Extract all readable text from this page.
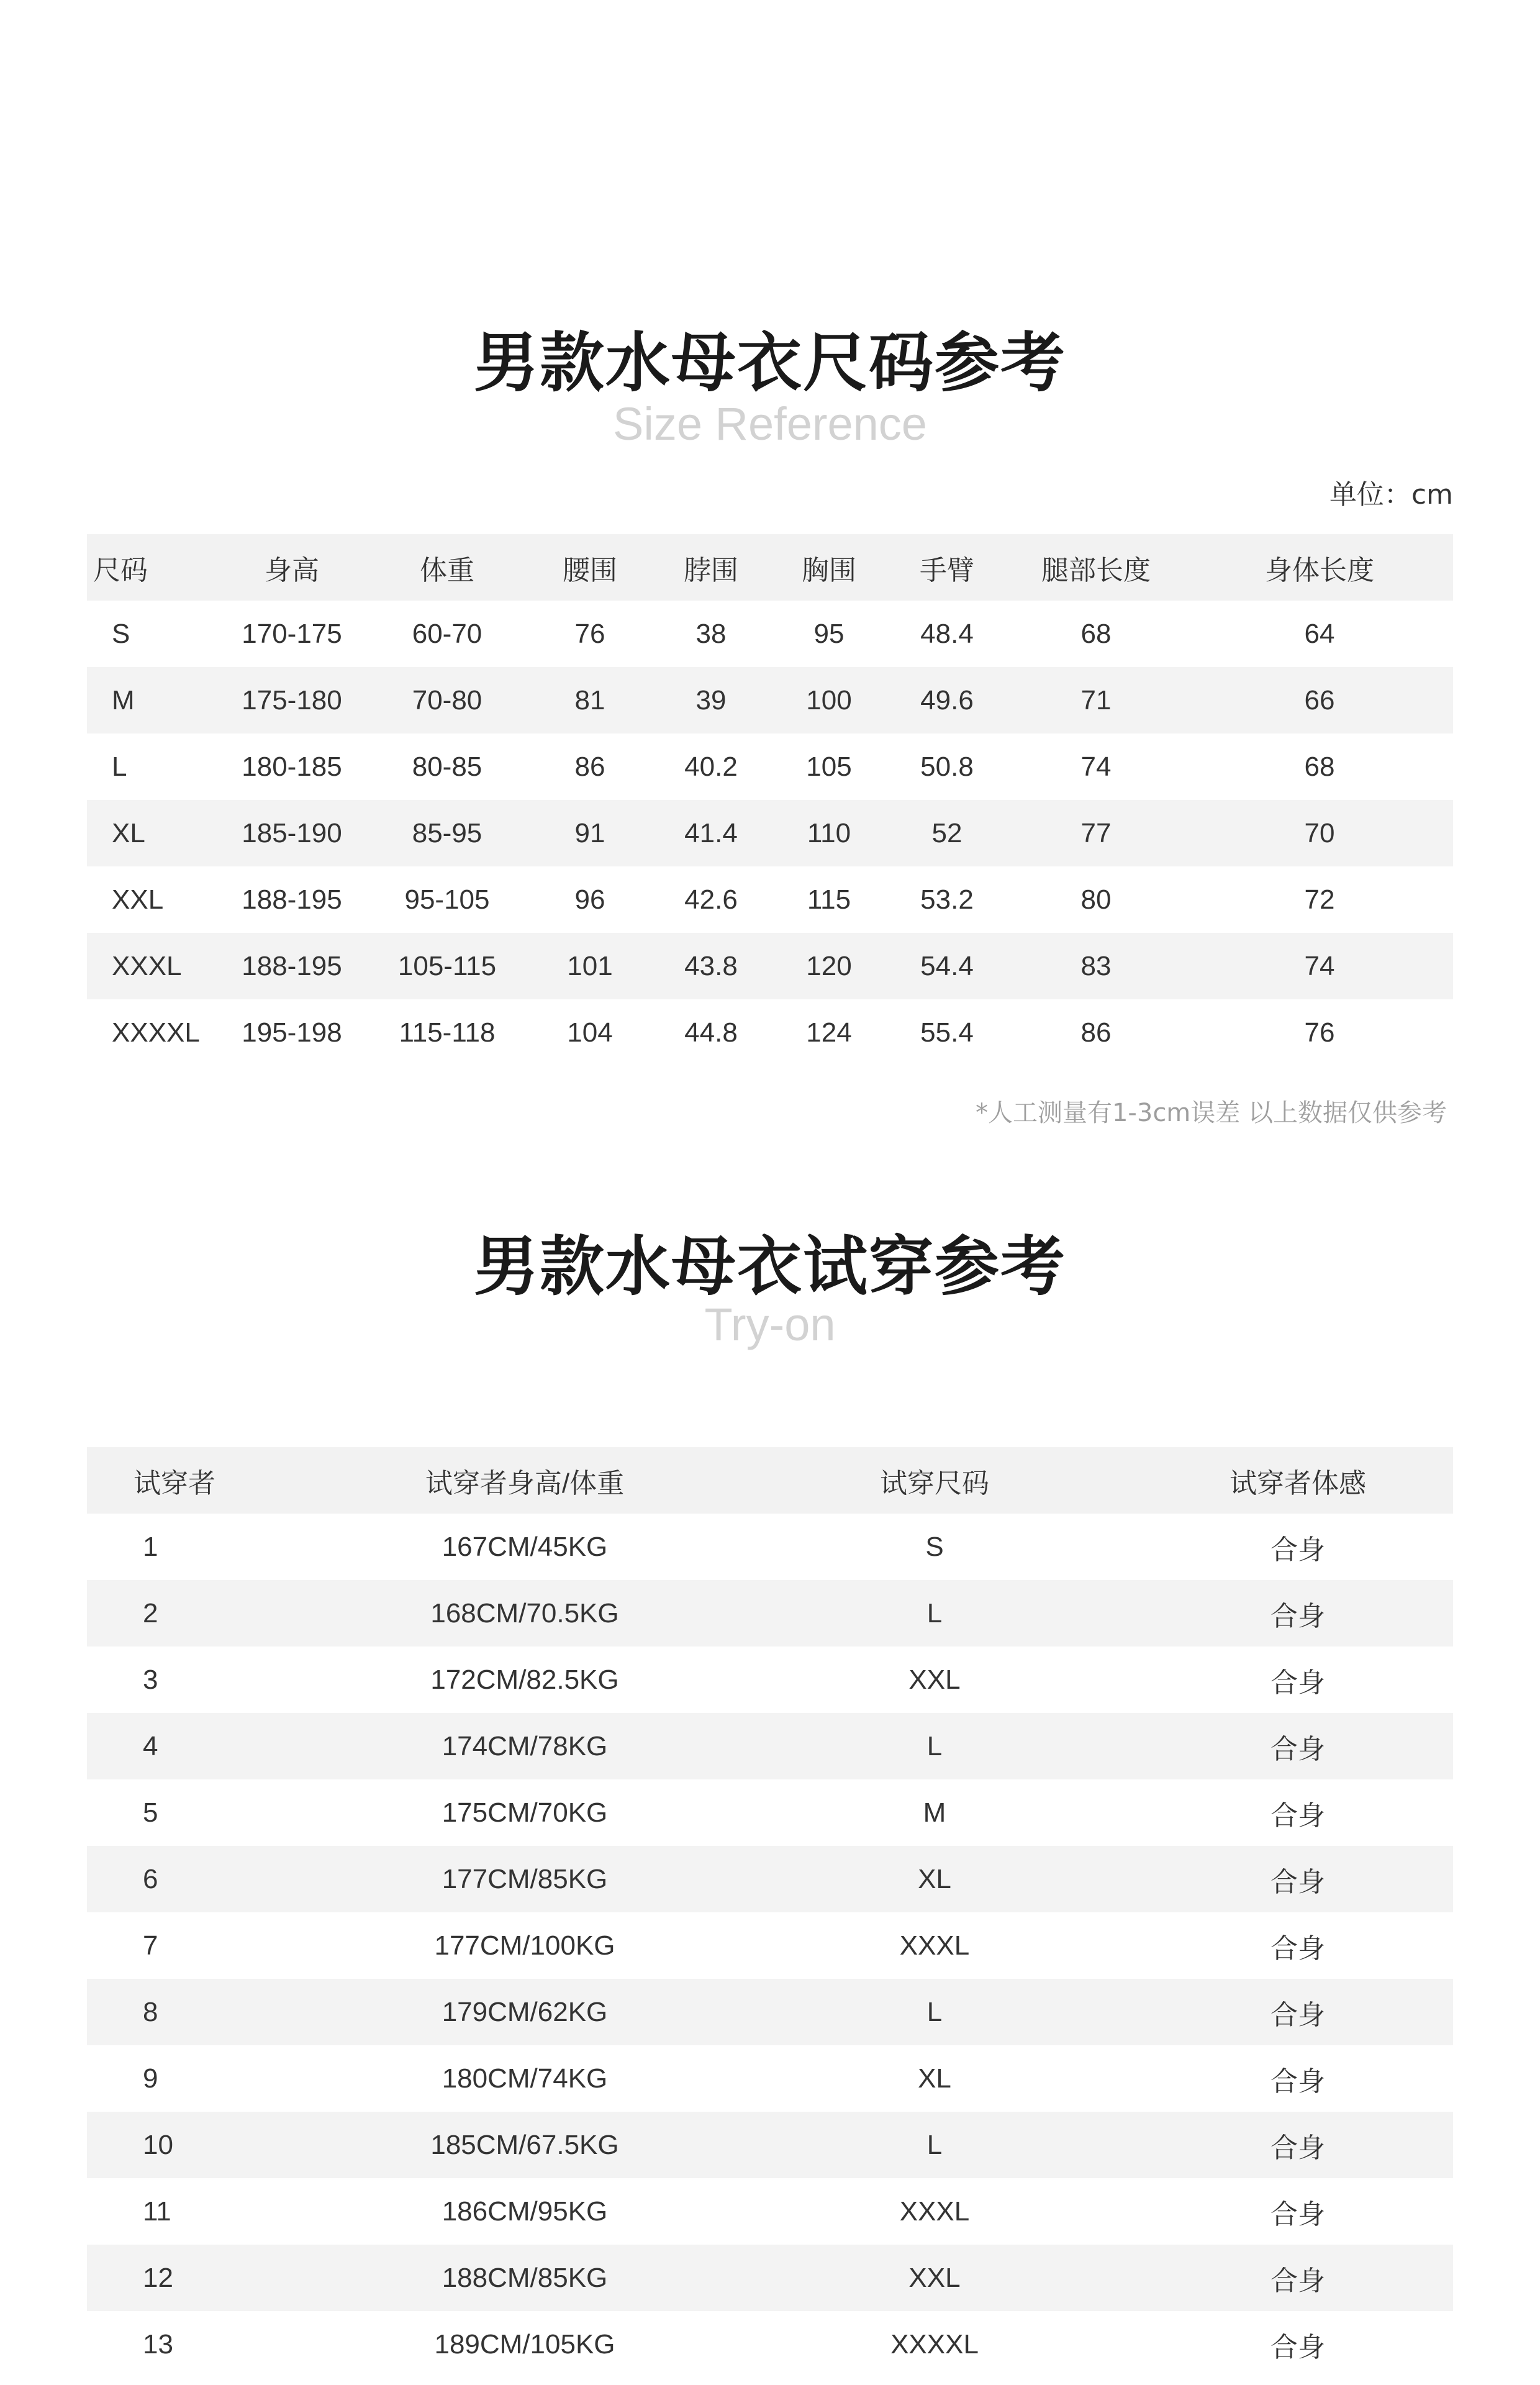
男款水母衣尺码参考
Size Reference
单位：cm
尺码	身高	体重	腰围	脖围	胸围	手臂	腿部长度	身体长度
S	170-175	60-70	76	38	95	48.4	68	64
M	175-180	70-80	81	39	100	49.6	71	66
L	180-185	80-85	86	40.2	105	50.8	74	68
XL	185-190	85-95	91	41.4	110	52	77	70
XXL	188-195	95-105	96	42.6	115	53.2	80	72
XXXL	188-195	105-115	101	43.8	120	54.4	83	74
XXXXL	195-198	115-118	104	44.8	124	55.4	86	76
*人工测量有1-3cm误差 以上数据仅供参考
男款水母衣试穿参考
Try-on
试穿者	试穿者身高/体重	试穿尺码	试穿者体感
1	167CM/45KG	S	合身
2	168CM/70.5KG	L	合身
3	172CM/82.5KG	XXL	合身
4	174CM/78KG	L	合身
5	175CM/70KG	M	合身
6	177CM/85KG	XL	合身
7	177CM/100KG	XXXL	合身
8	179CM/62KG	L	合身
9	180CM/74KG	XL	合身
10	185CM/67.5KG	L	合身
11	186CM/95KG	XXXL	合身
12	188CM/85KG	XXL	合身
13	189CM/105KG	XXXXL	合身
